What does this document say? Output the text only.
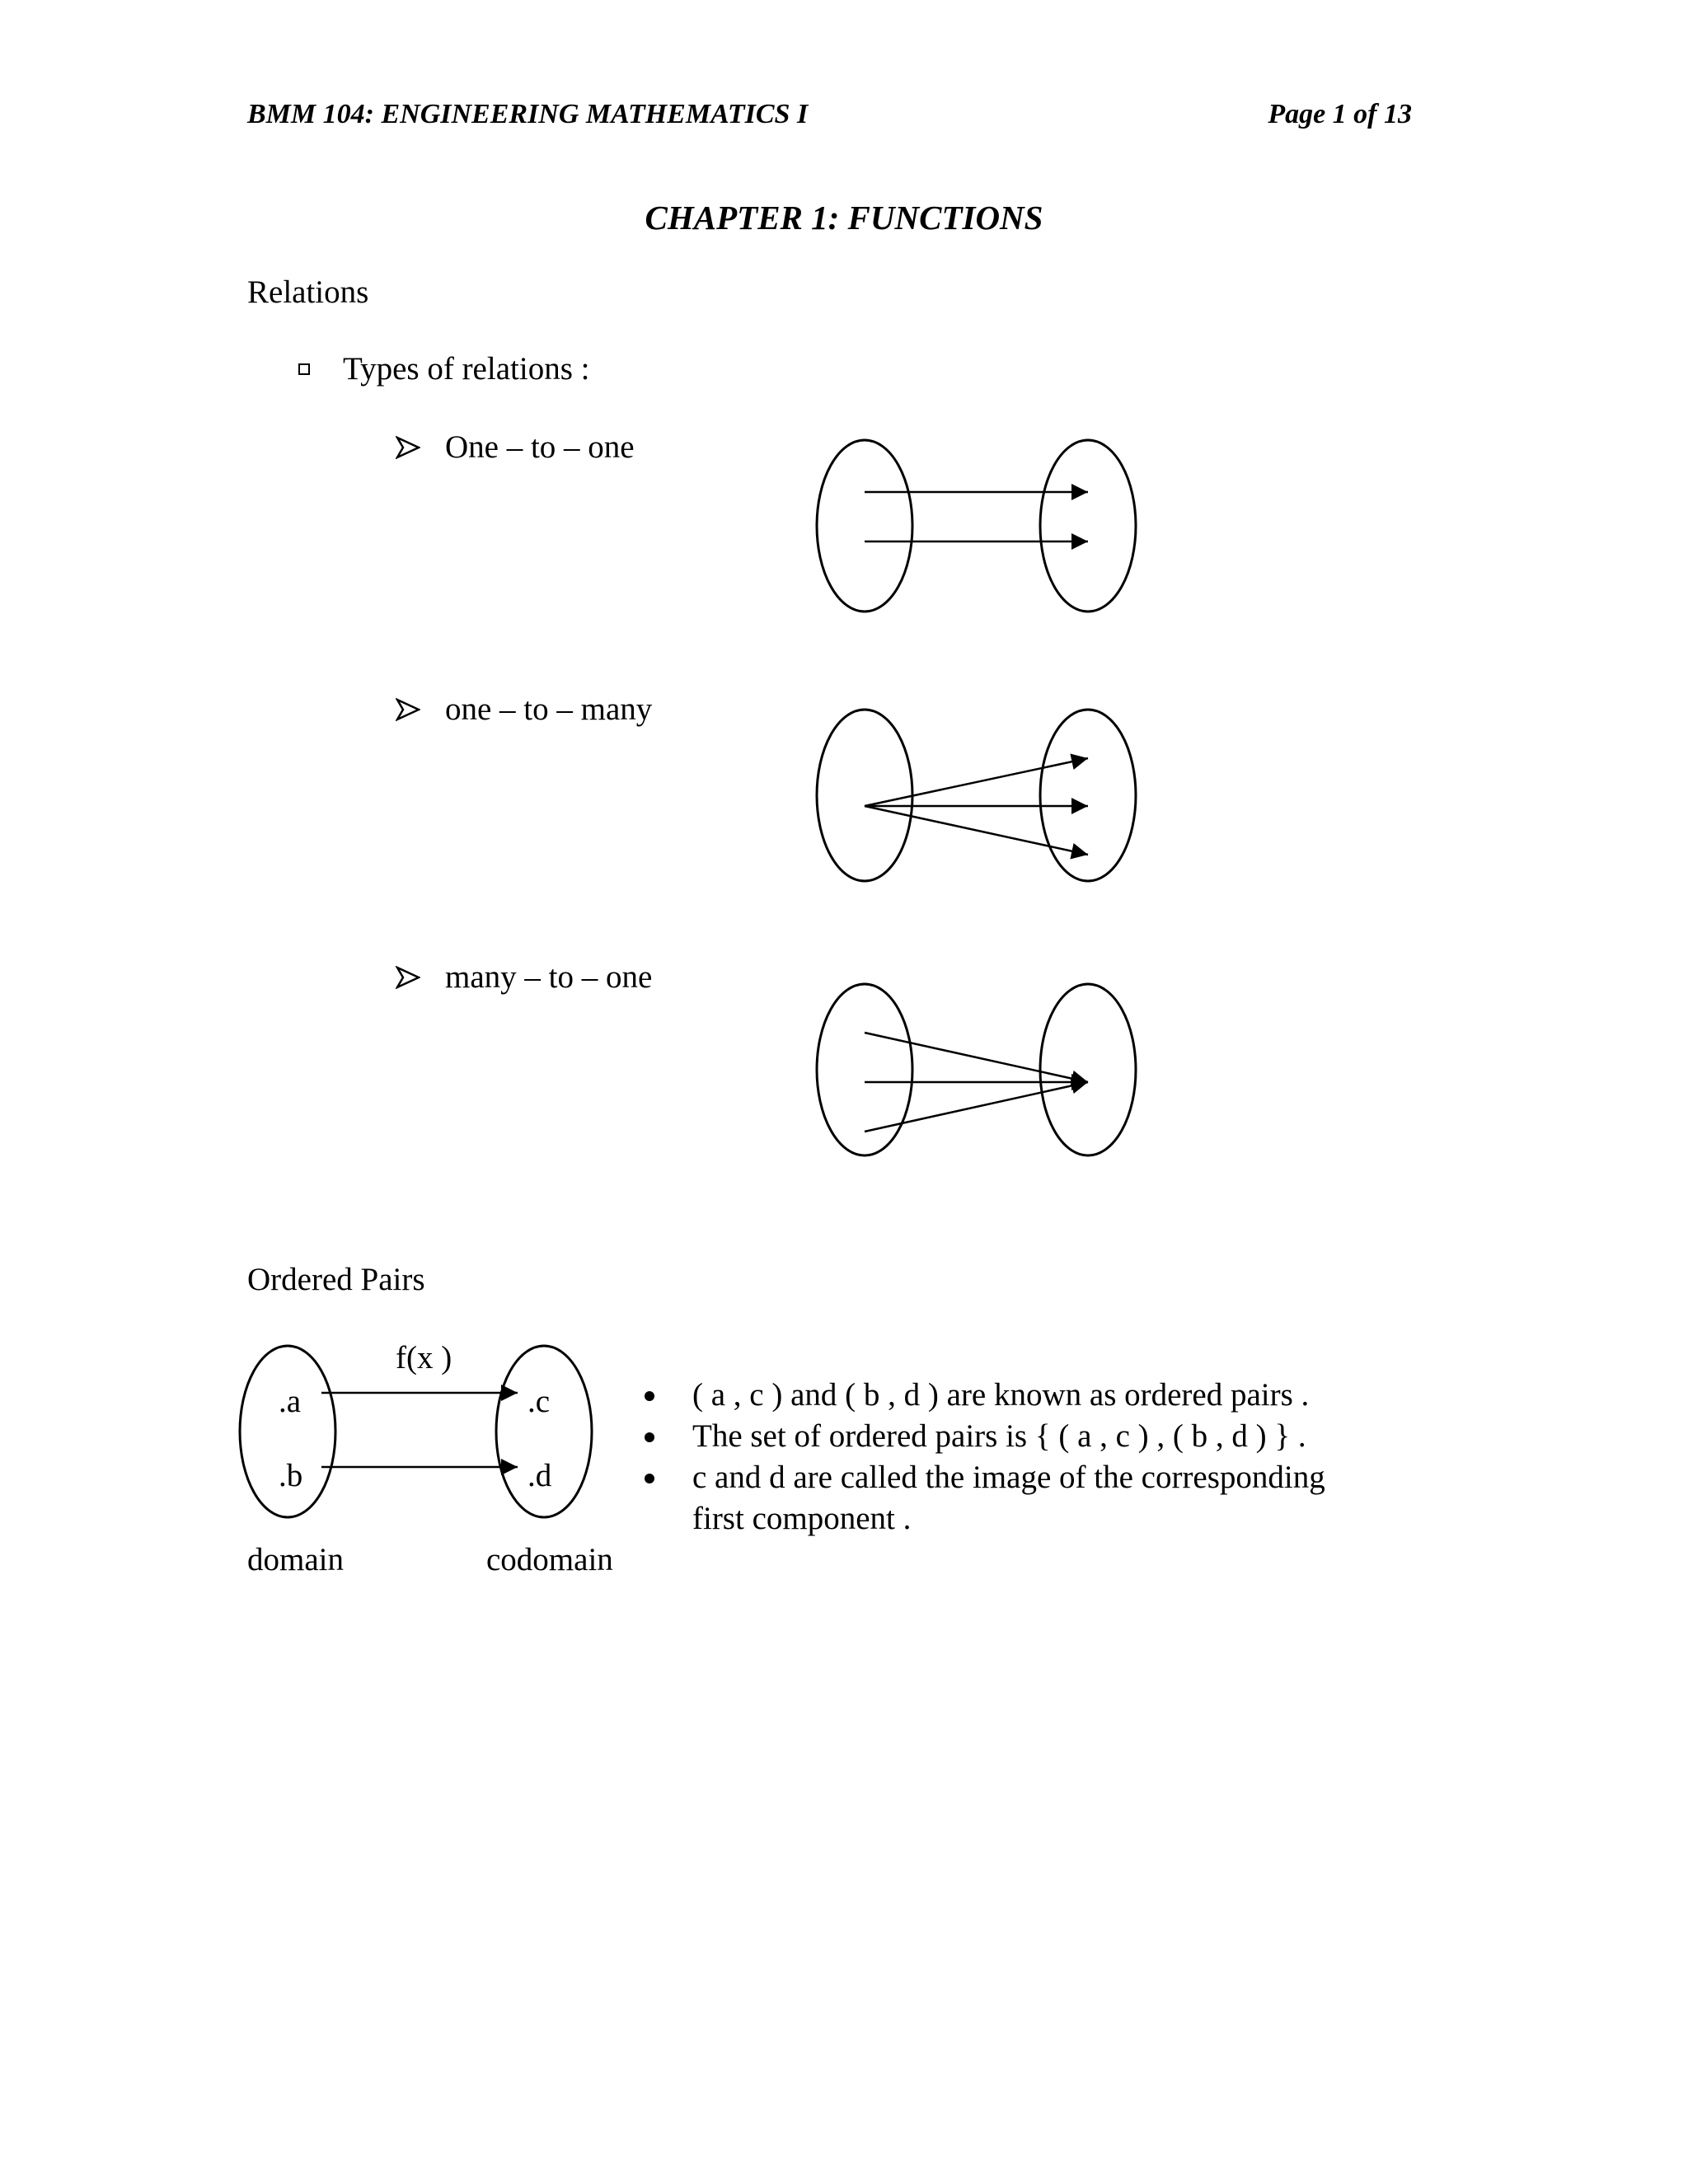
BMM 104: ENGINEERING MATHEMATICS I	Page 1 of 13
CHAPTER 1: FUNCTIONS
Relations
Types of relations :
One – to – one
one – to – many
many – to – one
f(x )
.a
.b
.c
.d
domain	codomain
Ordered Pairs
( a , c ) and ( b , d ) are known as ordered pairs .
The set of ordered pairs is { ( a , c ) , ( b , d ) } .
c and d are called the image of the corresponding first component .
